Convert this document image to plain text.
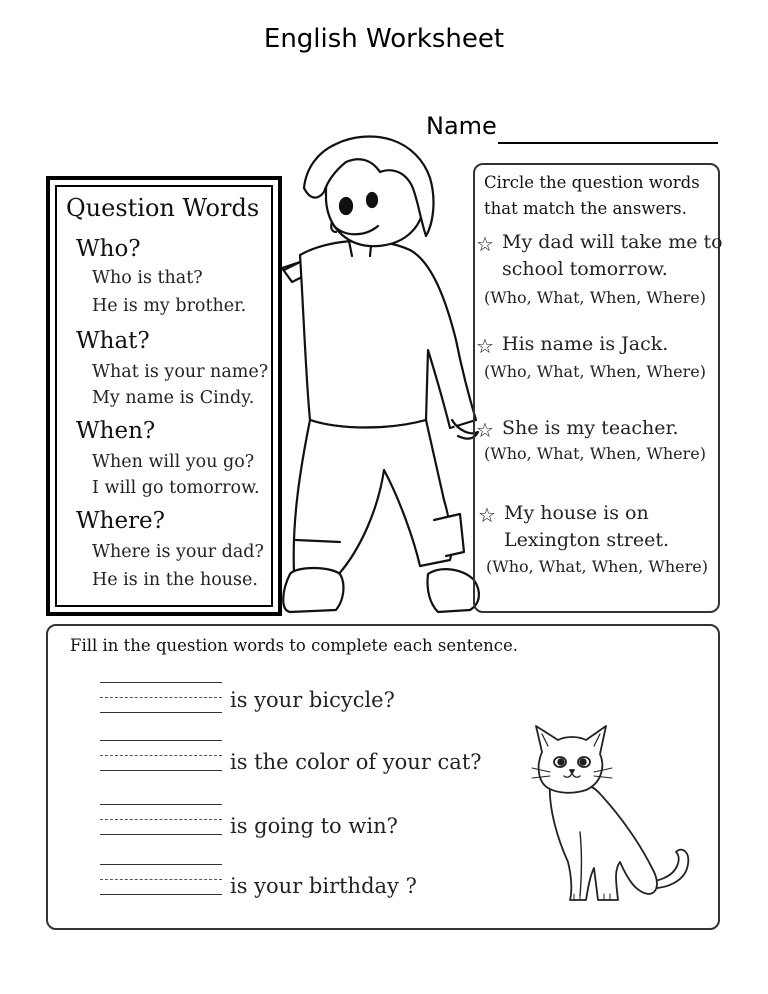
English Worksheet
Name
Question Words
Who?
Who is that?
He is my brother.
What?
What is your name?
My name is Cindy.
When?
When will you go?
I will go tomorrow.
Where?
Where is your dad?
He is in the house.
Circle the question words
that match the answers.
☆ My dad will take me to
school tomorrow.
(Who, What, When, Where)
☆ His name is Jack.
(Who, What, When, Where)
☆ She is my teacher.
(Who, What, When, Where)
☆ My house is on
Lexington street.
(Who, What, When, Where)
Fill in the question words to complete each sentence.
is your bicycle?
is the color of your cat?
is going to win?
is your birthday ?
